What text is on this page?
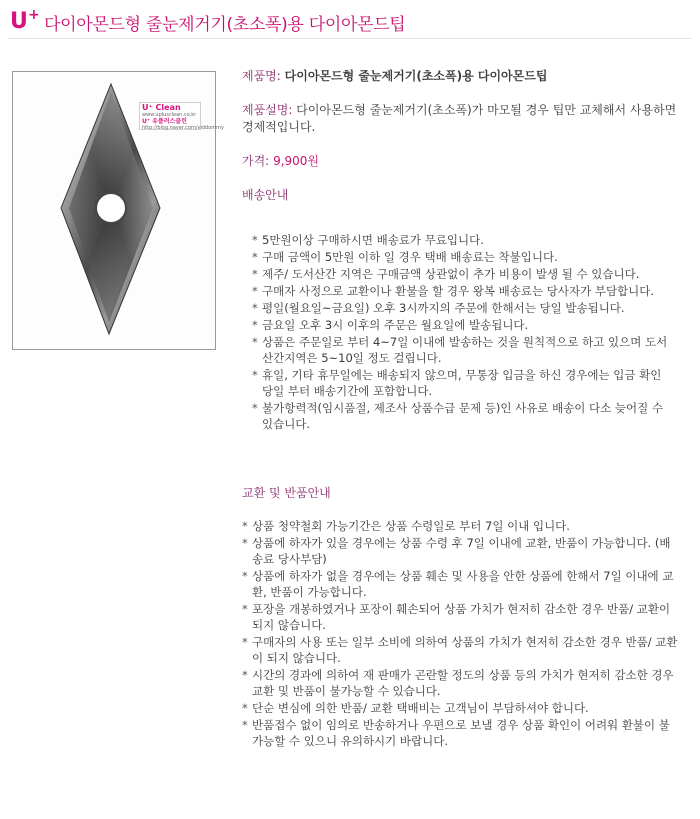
U + 다이아몬드형 줄눈제거기(초소폭)용 다이아몬드팁
U⁺ Clean
www.uplusclean.co.kr
U⁺ 유플러스클린
http://blog.naver.com/viddommy
제품명: 다이아몬드형 줄눈제거기(초소폭)용 다이아몬드팁
제품설명: 다이아몬드형 줄눈제거기(초소폭)가 마모될 경우 팁만 교체해서 사용하면 경제적입니다.
가격: 9,900원
배송안내
* 5만원이상 구매하시면 배송료가 무료입니다.
* 구매 금액이 5만원 이하 일 경우 택배 배송료는 착불입니다.
* 제주/ 도서산간 지역은 구매금액 상관없이 추가 비용이 발생 될 수 있습니다.
* 구매자 사정으로 교환이나 환불을 할 경우 왕복 배송료는 당사자가 부담합니다.
* 평일(월요일~금요일) 오후 3시까지의 주문에 한해서는 당일 발송됩니다.
* 금요일 오후 3시 이후의 주문은 월요일에 발송됩니다.
* 상품은 주문일로 부터 4~7일 이내에 발송하는 것을 원칙적으로 하고 있으며 도서산간지역은 5~10일 정도 걸립니다.
* 휴일, 기타 휴무일에는 배송되지 않으며, 무통장 입금을 하신 경우에는 입금 확인 당일 부터 배송기간에 포함합니다.
* 불가항력적(임시품절, 제조사 상품수급 문제 등)인 사유로 배송이 다소 늦어질 수 있습니다.
교환 및 반품안내
* 상품 청약철회 가능기간은 상품 수령일로 부터 7일 이내 입니다.
* 상품에 하자가 있을 경우에는 상품 수령 후 7일 이내에 교환, 반품이 가능합니다. (배송료 당사부담)
* 상품에 하자가 없을 경우에는 상품 훼손 및 사용을 안한 상품에 한해서 7일 이내에 교환, 반품이 가능합니다.
* 포장을 개봉하였거나 포장이 훼손되어 상품 가치가 현저히 감소한 경우 반품/ 교환이 되지 않습니다.
* 구매자의 사용 또는 일부 소비에 의하여 상품의 가치가 현저히 감소한 경우 반품/ 교환이 되지 않습니다.
* 시간의 경과에 의하여 재 판매가 곤란할 정도의 상품 등의 가치가 현저히 감소한 경우 교환 및 반품이 불가능할 수 있습니다.
* 단순 변심에 의한 반품/ 교환 택배비는 고객님이 부담하셔야 합니다.
* 반품접수 없이 임의로 반송하거나 우편으로 보낼 경우 상품 확인이 어려워 환불이 불가능할 수 있으니 유의하시기 바랍니다.
